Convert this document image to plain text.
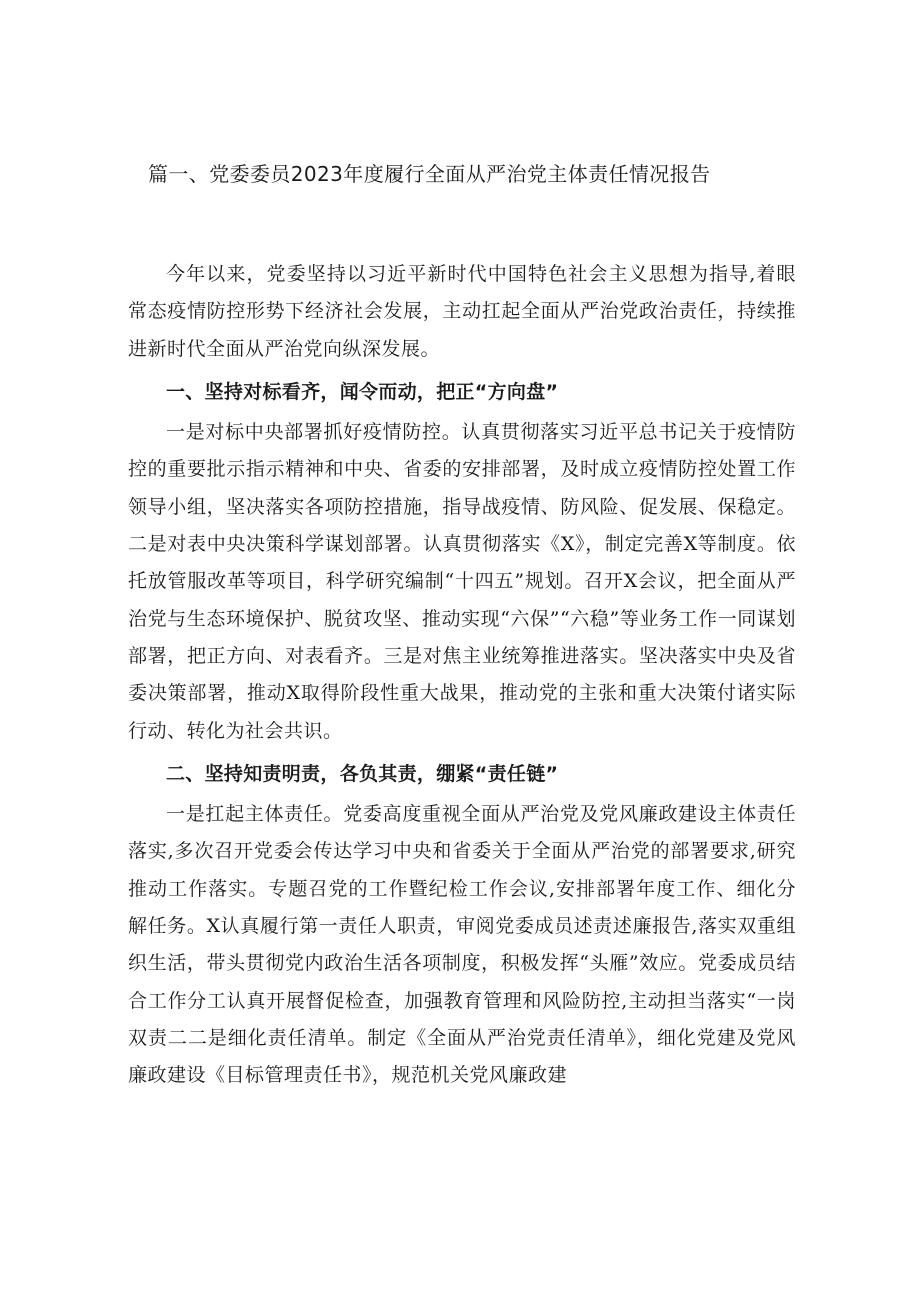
篇一、党委委员2023年度履行全面从严治党主体责任情况报告

今年以来，党委坚持以习近平新时代中国特色社会主义思想为指导,着眼常态疫情防控形势下经济社会发展，主动扛起全面从严治党政治责任，持续推进新时代全面从严治党向纵深发展。

一、坚持对标看齐，闻令而动，把正“方向盘”

一是对标中央部署抓好疫情防控。认真贯彻落实习近平总书记关于疫情防控的重要批示指示精神和中央、省委的安排部署，及时成立疫情防控处置工作领导小组，坚决落实各项防控措施，指导战疫情、防风险、促发展、保稳定。二是对表中央决策科学谋划部署。认真贯彻落实《X》，制定完善X等制度。依托放管服改革等项目，科学研究编制“十四五”规划。召开X会议，把全面从严治党与生态环境保护、脱贫攻坚、推动实现“六保”“六稳”等业务工作一同谋划部署，把正方向、对表看齐。三是对焦主业统筹推进落实。坚决落实中央及省委决策部署，推动X取得阶段性重大战果，推动党的主张和重大决策付诸实际行动、转化为社会共识。

二、坚持知责明责，各负其责，绷紧“责任链”

一是扛起主体责任。党委高度重视全面从严治党及党风廉政建设主体责任落实,多次召开党委会传达学习中央和省委关于全面从严治党的部署要求,研究推动工作落实。专题召党的工作暨纪检工作会议,安排部署年度工作、细化分解任务。X认真履行第一责任人职责，审阅党委成员述责述廉报告,落实双重组织生活，带头贯彻党内政治生活各项制度，积极发挥“头雁”效应。党委成员结合工作分工认真开展督促检查，加强教育管理和风险防控,主动担当落实“一岗双责二二是细化责任清单。制定《全面从严治党责任清单》，细化党建及党风廉政建设《目标管理责任书》，规范机关党风廉政建
